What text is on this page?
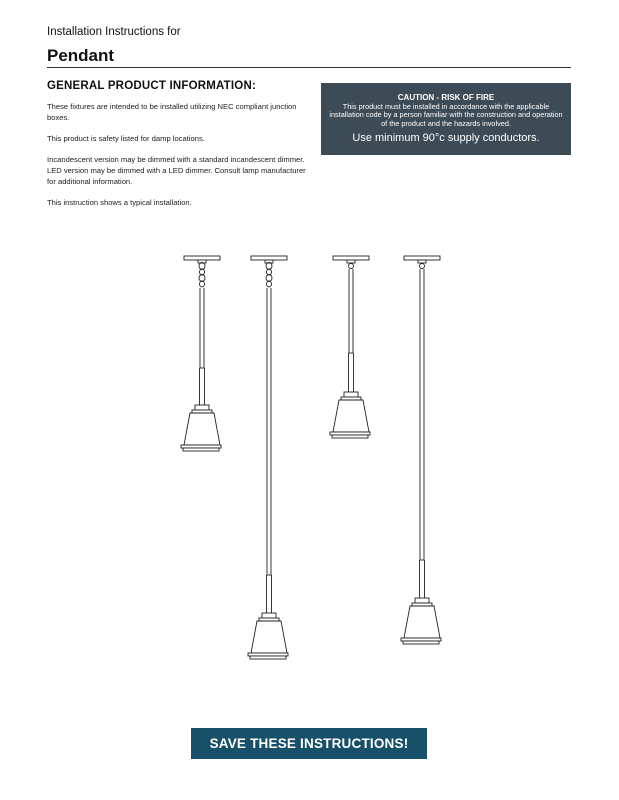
Installation Instructions for
Pendant
GENERAL PRODUCT INFORMATION:

These fixtures are intended to be installed utilizing NEC compliant junction boxes.

This product is safety listed for damp locations.

Incandescent version may be dimmed with a standard incandescent dimmer. LED version may be dimmed with a LED dimmer. Consult lamp manufacturer for additional information.

This instruction shows a typical installation.

CAUTION - RISK OF FIRE
This product must be installed in accordance with the applicable installation code by a person familiar with the construction and operation of the product and the hazards involved.
Use minimum 90°c supply conductors.
SAVE THESE INSTRUCTIONS!
